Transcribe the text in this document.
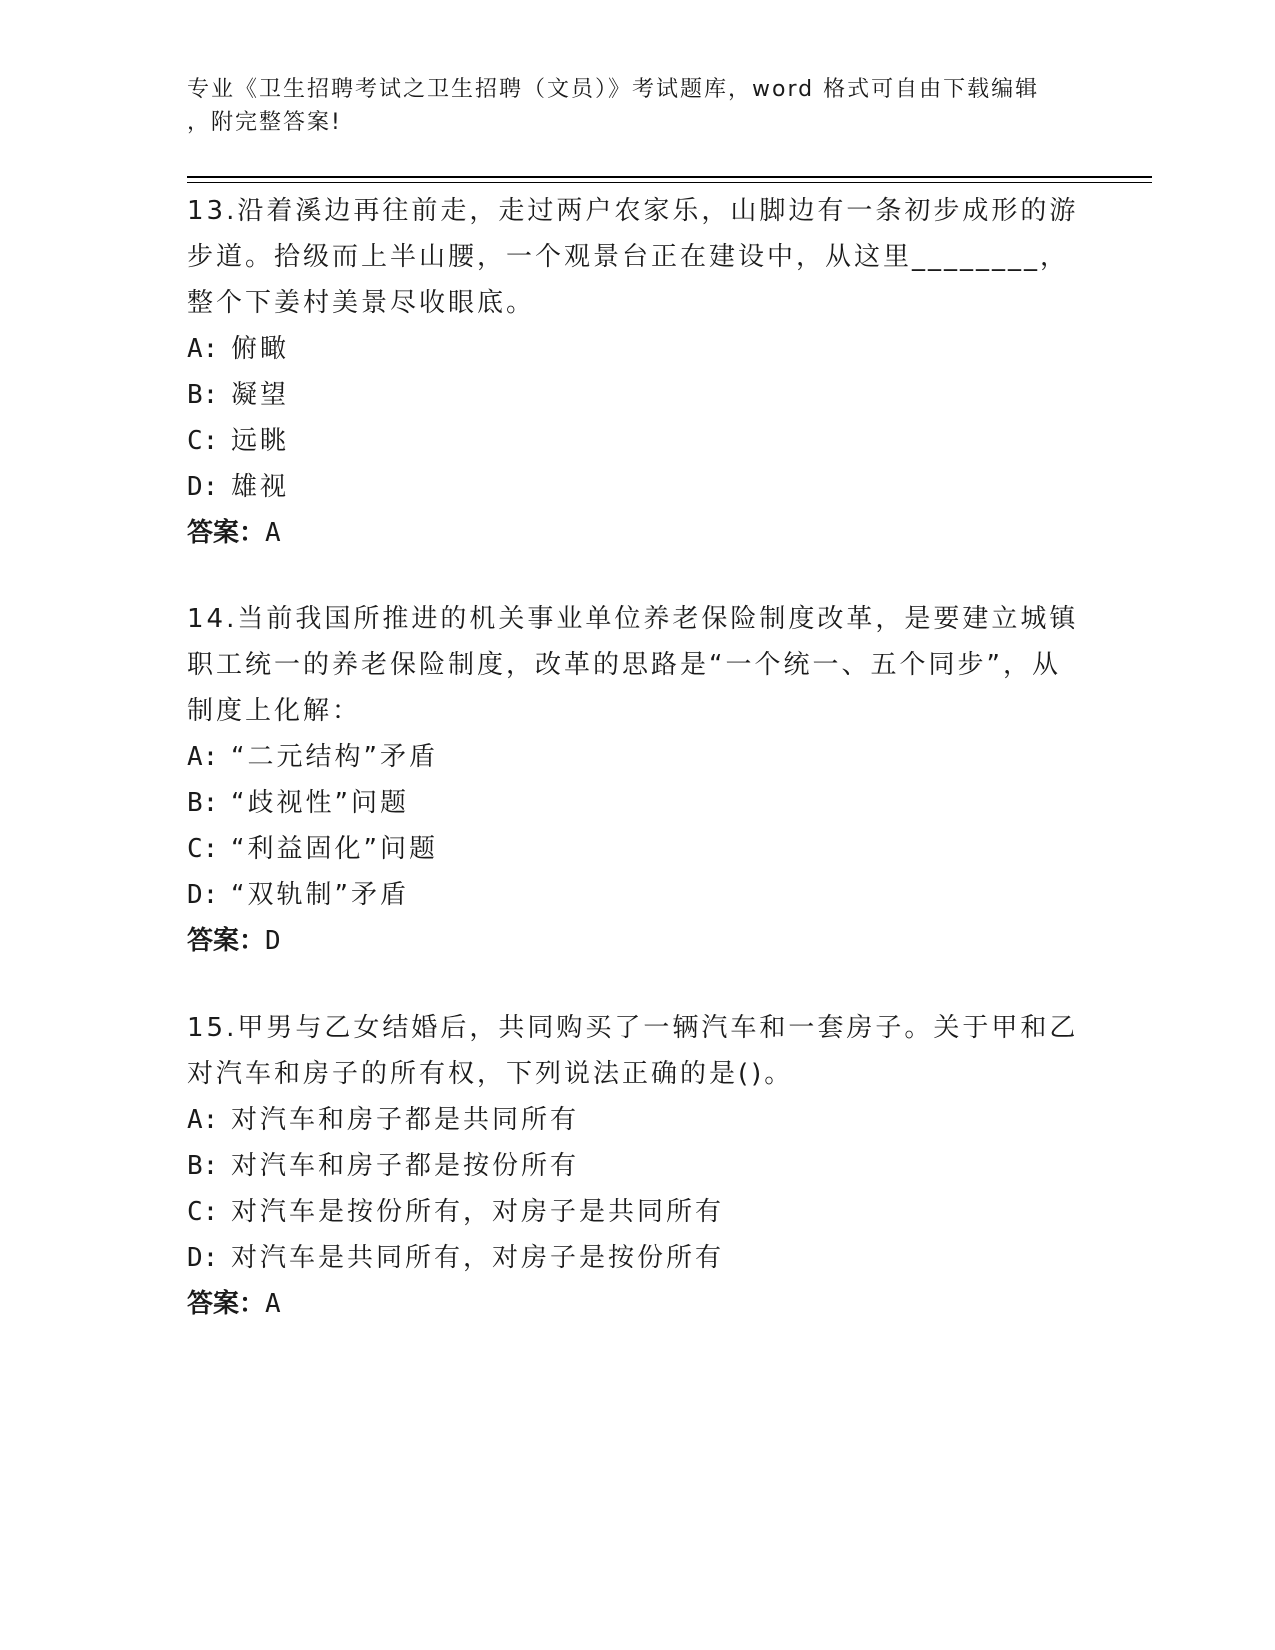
专业《卫生招聘考试之卫生招聘（文员）》考试题库，word 格式可自由下载编辑
，附完整答案!

13.沿着溪边再往前走，走过两户农家乐，山脚边有一条初步成形的游步道。拾级而上半山腰，一个观景台正在建设中，从这里________，整个下姜村美景尽收眼底。

A: 俯瞰
B: 凝望
C: 远眺
D: 雄视

答案：A

14.当前我国所推进的机关事业单位养老保险制度改革，是要建立城镇职工统一的养老保险制度，改革的思路是“一个统一、五个同步”，从制度上化解：

A: “二元结构”矛盾
B: “歧视性”问题
C: “利益固化”问题
D: “双轨制”矛盾

答案：D

15.甲男与乙女结婚后，共同购买了一辆汽车和一套房子。关于甲和乙对汽车和房子的所有权，下列说法正确的是()。

A: 对汽车和房子都是共同所有
B: 对汽车和房子都是按份所有
C: 对汽车是按份所有，对房子是共同所有
D: 对汽车是共同所有，对房子是按份所有

答案：A
